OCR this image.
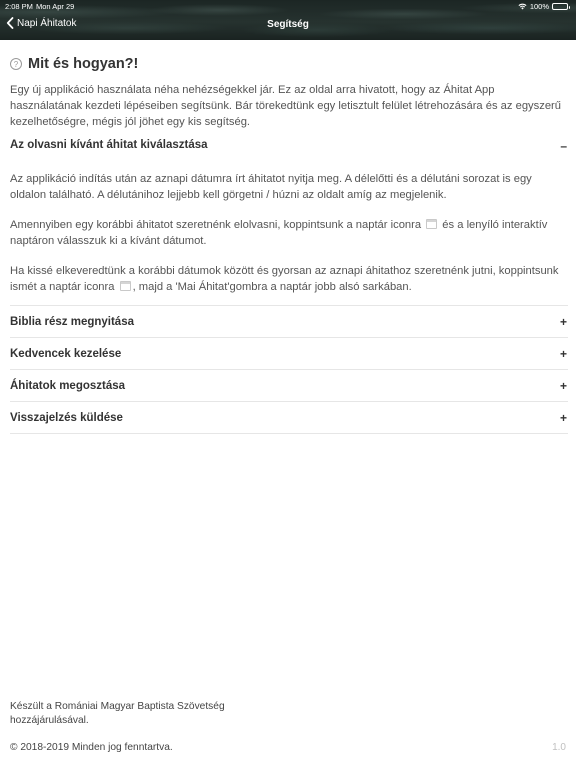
2:08 PM Mon Apr 29	100%
Napi Áhitatok	Segítség
? Mit és hogyan?!

Egy új applikáció használata néha nehézségekkel jár. Ez az oldal arra hivatott, hogy az Áhitat App használatának kezdeti lépéseiben segítsünk. Bár törekedtünk egy letisztult felület létrehozására és az egyszerű kezelhetőségre, mégis jól jöhet egy kis segítség.

Az olvasni kívánt áhitat kiválasztása	–

Az applikáció indítás után az aznapi dátumra írt áhitatot nyitja meg. A délelőtti és a délutáni sorozat is egy oldalon található. A délutánihoz lejjebb kell görgetni / húzni az oldalt amíg az megjelenik.

Amennyiben egy korábbi áhitatot szeretnénk elolvasni, koppintsunk a naptár iconra  és a lenyíló interaktív naptáron válasszuk ki a kívánt dátumot.

Ha kissé elkeveredtünk a korábbi dátumok között és gyorsan az aznapi áhitathoz szeretnénk jutni, koppintsunk ismét a naptár iconra , majd a 'Mai Áhitat'gombra a naptár jobb alsó sarkában.

Biblia rész megnyitása	+
Kedvencek kezelése	+
Áhitatok megosztása	+
Visszajelzés küldése	+
Készült a Romániai Magyar Baptista Szövetség hozzájárulásával.
© 2018-2019 Minden jog fenntartva.	1.0
